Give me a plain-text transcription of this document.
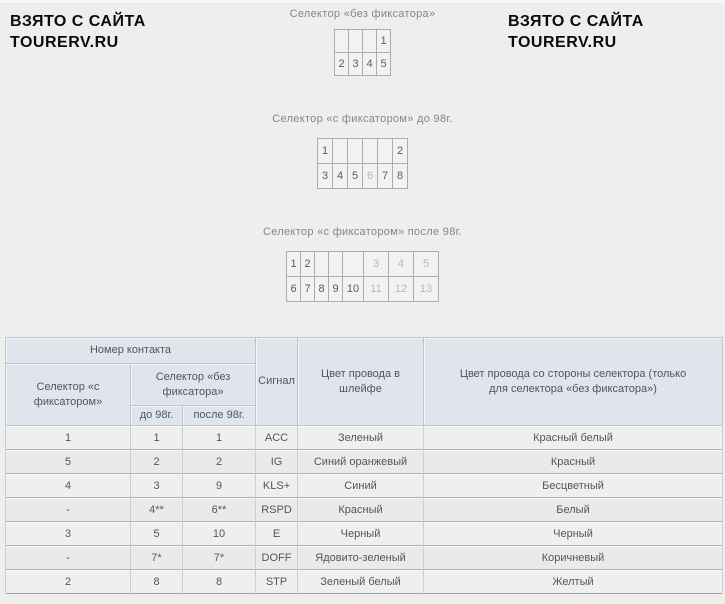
ВЗЯТО С САЙТА
TOURERV.RU
ВЗЯТО С САЙТА
TOURERV.RU
Селектор «без фиксатора»
			1
2	3	4	5
Селектор «с фиксатором» до 98г.
1					2
3	4	5	6	7	8
Селектор «с фиксатором» после 98г.
1	2				3	4	5
6	7	8	9	10	11	12	13
Номер контакта			Сигнал	Цвет провода в шлейфе	Цвет провода со стороны селектора (только для селектора «без фиксатора»)
Селектор «с фиксатором»	Селектор «без фиксатора»				
	до 98г.	после 98г.			
1	1	1	ACC	Зеленый	Красный белый
5	2	2	IG	Синий оранжевый	Красный
4	3	9	KLS+	Синий	Бесцветный
-	4**	6**	RSPD	Красный	Белый
3	5	10	E	Черный	Черный
-	7*	7*	DOFF	Ядовито-зеленый	Коричневый
2	8	8	STP	Зеленый белый	Желтый
